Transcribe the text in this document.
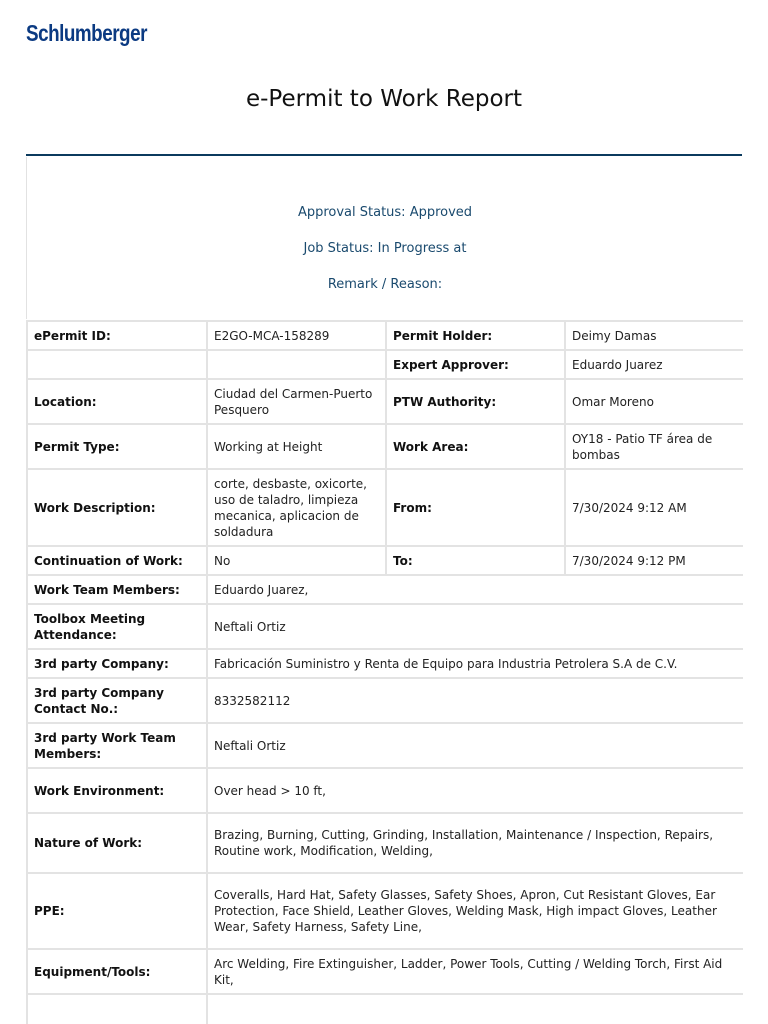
Schlumberger
e-Permit to Work Report
Approval Status: Approved
Job Status: In Progress at
Remark / Reason:
ePermit ID:	E2GO-MCA-158289	Permit Holder:	Deimy Damas
		Expert Approver:	Eduardo Juarez
Location:	Ciudad del Carmen-Puerto Pesquero	PTW Authority:	Omar Moreno
Permit Type:	Working at Height	Work Area:	OY18 - Patio TF área de bombas
Work Description:	corte, desbaste, oxicorte, uso de taladro, limpieza mecanica, aplicacion de soldadura	From:	7/30/2024 9:12 AM
Continuation of Work:	No	To:	7/30/2024 9:12 PM
Work Team Members:	Eduardo Juarez,		
Toolbox Meeting Attendance:	Neftali Ortiz		
3rd party Company:	Fabricación Suministro y Renta de Equipo para Industria Petrolera S.A de C.V.		
3rd party Company Contact No.:	8332582112		
3rd party Work Team Members:	Neftali Ortiz		
Work Environment:	Over head > 10 ft,		
Nature of Work:	Brazing, Burning, Cutting, Grinding, Installation, Maintenance / Inspection, Repairs, Routine work, Modification, Welding,		
PPE:	Coveralls, Hard Hat, Safety Glasses, Safety Shoes, Apron, Cut Resistant Gloves, Ear Protection, Face Shield, Leather Gloves, Welding Mask, High impact Gloves, Leather Wear, Safety Harness, Safety Line,		
Equipment/Tools:	Arc Welding, Fire Extinguisher, Ladder, Power Tools, Cutting / Welding Torch, First Aid Kit,		
